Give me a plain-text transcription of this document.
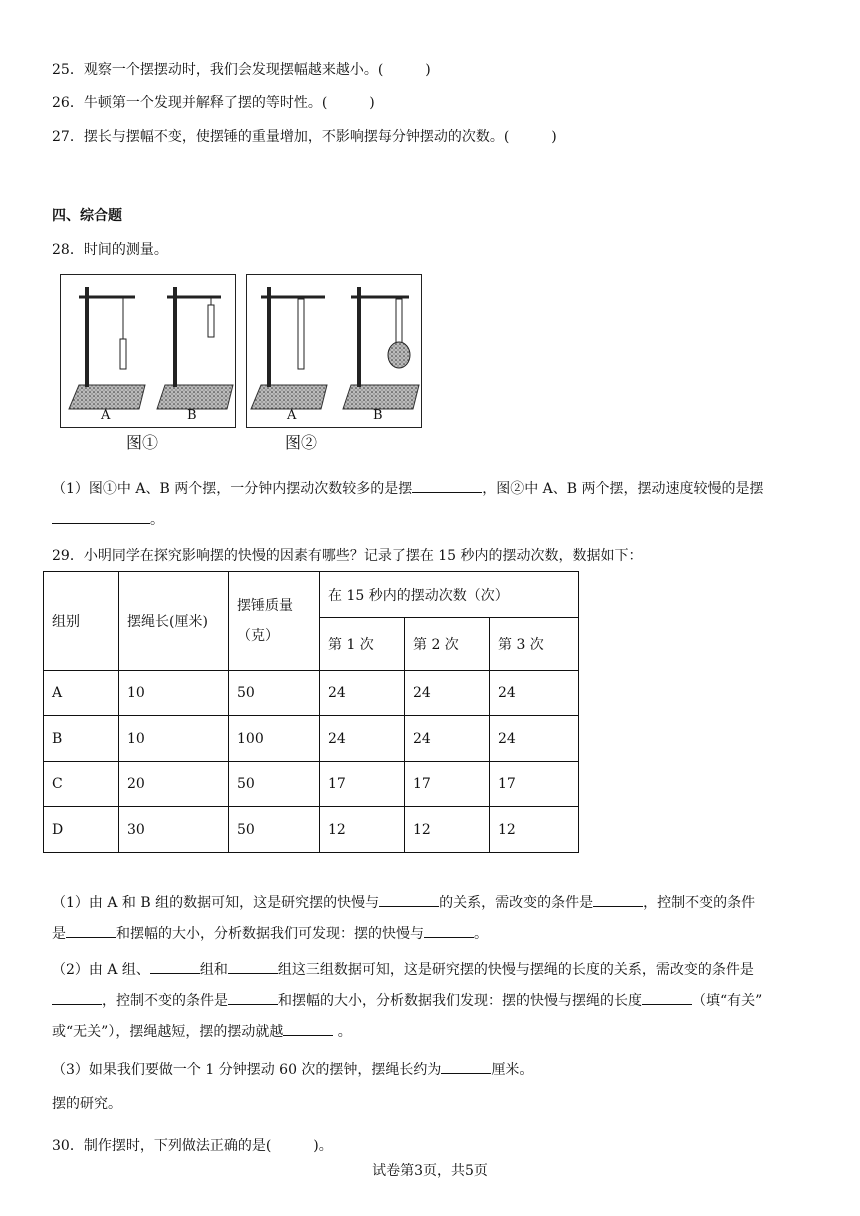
25．观察一个摆摆动时，我们会发现摆幅越来越小。(　　　)
26．牛顿第一个发现并解释了摆的等时性。(　　　)
27．摆长与摆幅不变，使摆锤的重量增加，不影响摆每分钟摆动的次数。(　　　)
四、综合题
28．时间的测量。
A	B
图①
A	B
图②
（1）图①中 A、B 两个摆，一分钟内摆动次数较多的是摆	，图②中 A、B 两个摆，摆动速度较慢的是摆
。
29．小明同学在探究影响摆的快慢的因素有哪些？记录了摆在 15 秒内的摆动次数，数据如下：
组别	摆绳长(厘米)	摆锤质量（克）	在 15 秒内的摆动次数（次）		
			第 1 次	第 2 次	第 3 次
A	10	50	24	24	24
B	10	100	24	24	24
C	20	50	17	17	17
D	30	50	12	12	12
（1）由 A 和 B 组的数据可知，这是研究摆的快慢与	的关系，需改变的条件是	，控制不变的条件
是	和摆幅的大小，分析数据我们可发现：摆的快慢与	。
（2）由 A 组、	组和	组这三组数据可知，这是研究摆的快慢与摆绳的长度的关系，需改变的条件是
，控制不变的条件是	和摆幅的大小，分析数据我们发现：摆的快慢与摆绳的长度	（填“有关”
或“无关”），摆绳越短，摆的摆动就越	。
（3）如果我们要做一个 1 分钟摆动 60 次的摆钟，摆绳长约为	厘米。
摆的研究。
30．制作摆时，下列做法正确的是(　　　)。
试卷第3页，共5页
